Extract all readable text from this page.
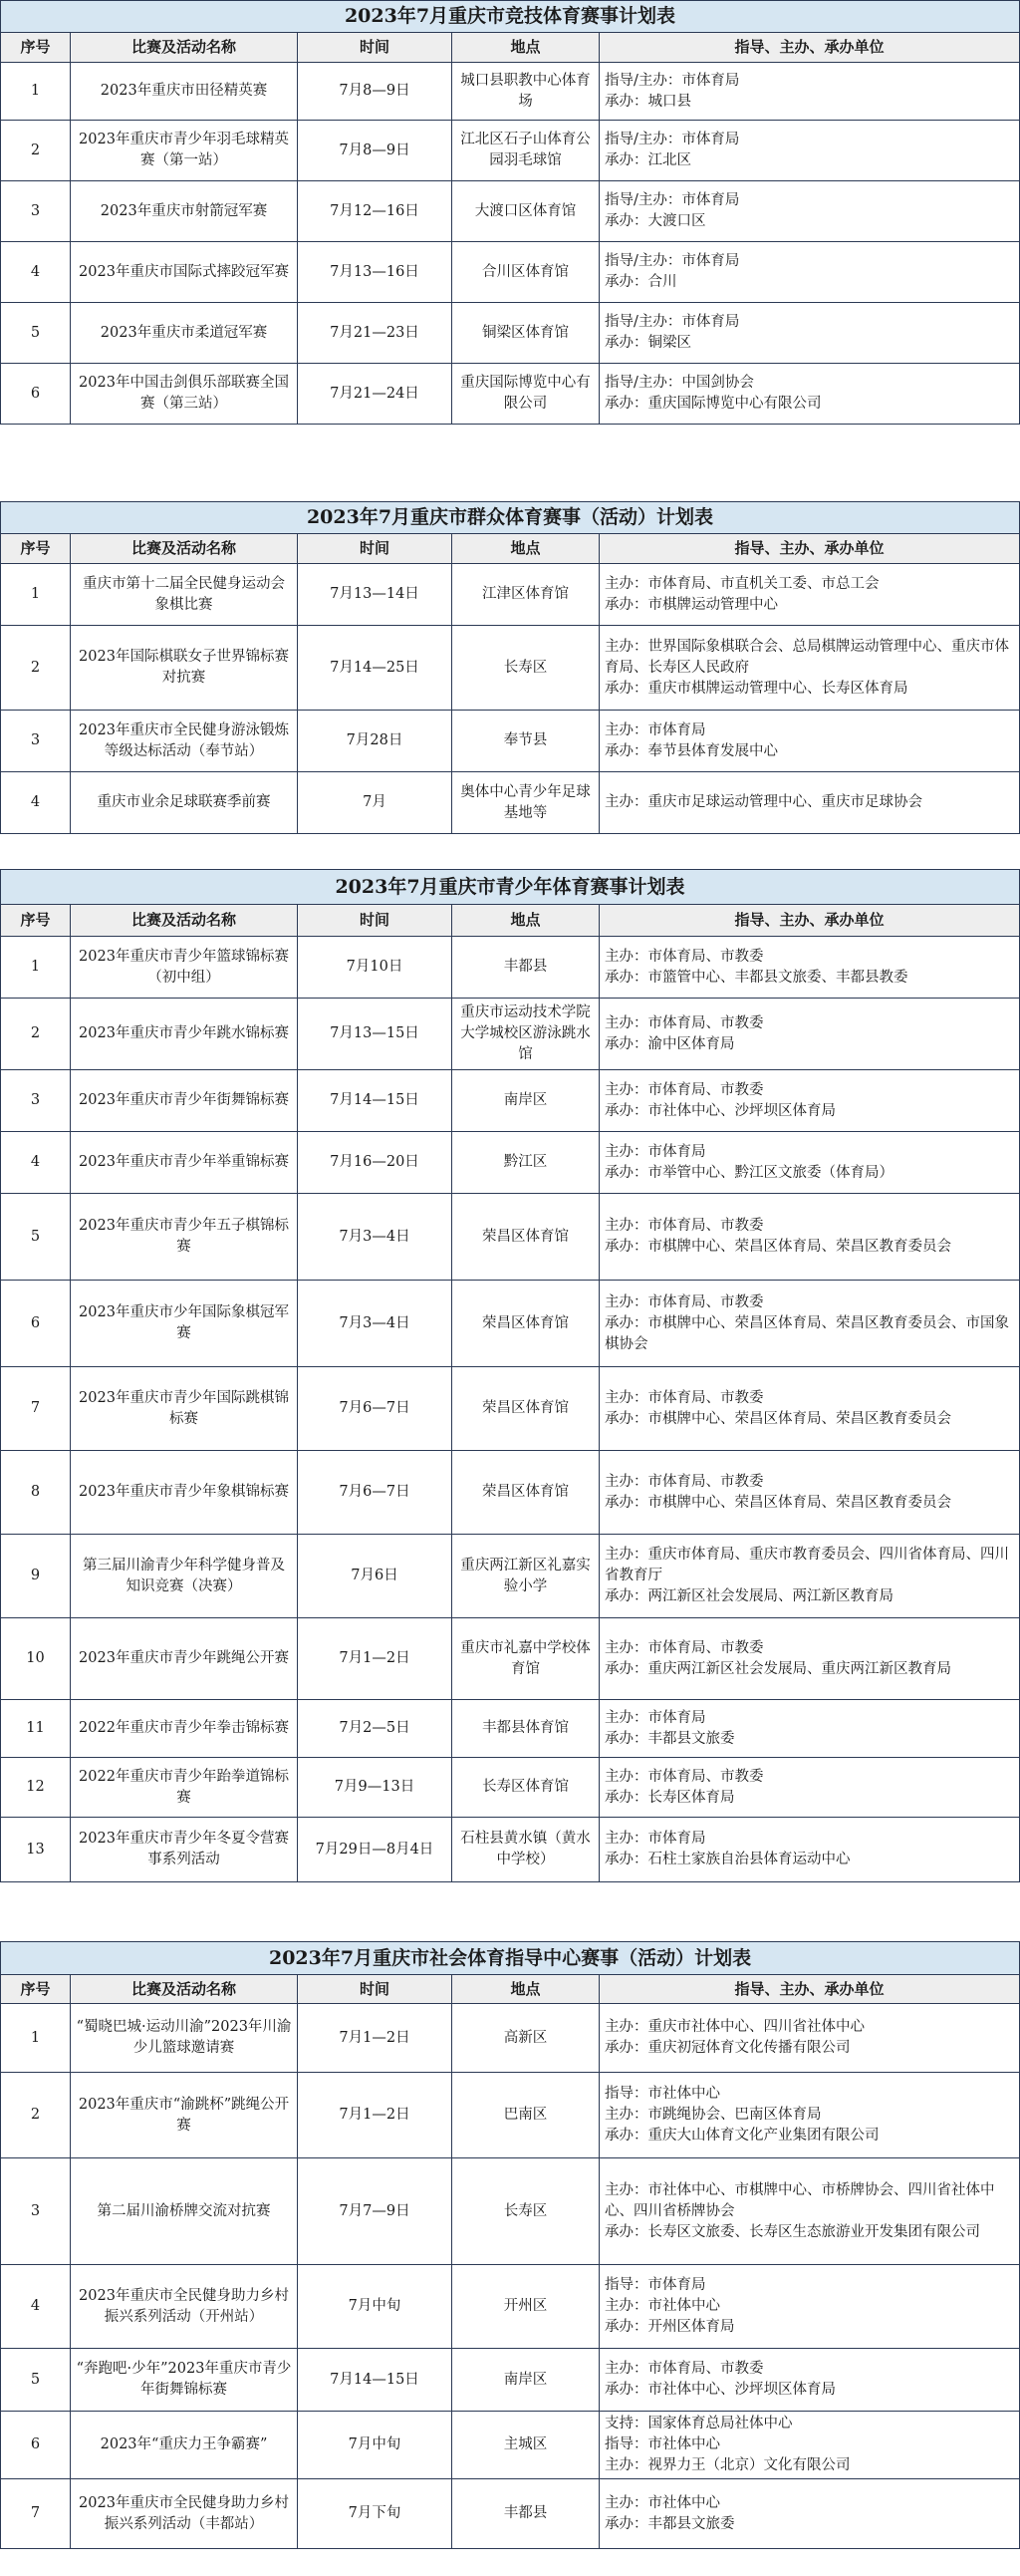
2023年7月重庆市竞技体育赛事计划表				
序号	比赛及活动名称	时间	地点	指导、主办、承办单位
1	2023年重庆市田径精英赛	7月8—9日	城口县职教中心体育场	指导/主办：市体育局
承办：城口县
2	2023年重庆市青少年羽毛球精英赛（第一站）	7月8—9日	江北区石子山体育公园羽毛球馆	指导/主办：市体育局
承办：江北区
3	2023年重庆市射箭冠军赛	7月12—16日	大渡口区体育馆	指导/主办：市体育局
承办：大渡口区
4	2023年重庆市国际式摔跤冠军赛	7月13—16日	合川区体育馆	指导/主办：市体育局
承办：合川
5	2023年重庆市柔道冠军赛	7月21—23日	铜梁区体育馆	指导/主办：市体育局
承办：铜梁区
6	2023年中国击剑俱乐部联赛全国赛（第三站）	7月21—24日	重庆国际博览中心有限公司	指导/主办：中国剑协会
承办：重庆国际博览中心有限公司
2023年7月重庆市群众体育赛事（活动）计划表				
序号	比赛及活动名称	时间	地点	指导、主办、承办单位
1	重庆市第十二届全民健身运动会象棋比赛	7月13—14日	江津区体育馆	主办：市体育局、市直机关工委、市总工会
承办：市棋牌运动管理中心
2	2023年国际棋联女子世界锦标赛对抗赛	7月14—25日	长寿区	主办：世界国际象棋联合会、总局棋牌运动管理中心、重庆市体育局、长寿区人民政府
承办：重庆市棋牌运动管理中心、长寿区体育局
3	2023年重庆市全民健身游泳锻炼等级达标活动（奉节站）	7月28日	奉节县	主办：市体育局
承办：奉节县体育发展中心
4	重庆市业余足球联赛季前赛	7月	奥体中心青少年足球基地等	主办：重庆市足球运动管理中心、重庆市足球协会
2023年7月重庆市青少年体育赛事计划表				
序号	比赛及活动名称	时间	地点	指导、主办、承办单位
1	2023年重庆市青少年篮球锦标赛（初中组）	7月10日	丰都县	主办：市体育局、市教委
承办：市篮管中心、丰都县文旅委、丰都县教委
2	2023年重庆市青少年跳水锦标赛	7月13—15日	重庆市运动技术学院大学城校区游泳跳水馆	主办：市体育局、市教委
承办：渝中区体育局
3	2023年重庆市青少年街舞锦标赛	7月14—15日	南岸区	主办：市体育局、市教委
承办：市社体中心、沙坪坝区体育局
4	2023年重庆市青少年举重锦标赛	7月16—20日	黔江区	主办：市体育局
承办：市举管中心、黔江区文旅委（体育局）
5	2023年重庆市青少年五子棋锦标赛	7月3—4日	荣昌区体育馆	主办：市体育局、市教委
承办：市棋牌中心、荣昌区体育局、荣昌区教育委员会
6	2023年重庆市少年国际象棋冠军赛	7月3—4日	荣昌区体育馆	主办：市体育局、市教委
承办：市棋牌中心、荣昌区体育局、荣昌区教育委员会、市国象棋协会
7	2023年重庆市青少年国际跳棋锦标赛	7月6—7日	荣昌区体育馆	主办：市体育局、市教委
承办：市棋牌中心、荣昌区体育局、荣昌区教育委员会
8	2023年重庆市青少年象棋锦标赛	7月6—7日	荣昌区体育馆	主办：市体育局、市教委
承办：市棋牌中心、荣昌区体育局、荣昌区教育委员会
9	第三届川渝青少年科学健身普及知识竞赛（决赛）	7月6日	重庆两江新区礼嘉实验小学	主办：重庆市体育局、重庆市教育委员会、四川省体育局、四川省教育厅
承办：两江新区社会发展局、两江新区教育局
10	2023年重庆市青少年跳绳公开赛	7月1—2日	重庆市礼嘉中学校体育馆	主办：市体育局、市教委
承办：重庆两江新区社会发展局、重庆两江新区教育局
11	2022年重庆市青少年拳击锦标赛	7月2—5日	丰都县体育馆	主办：市体育局
承办：丰都县文旅委
12	2022年重庆市青少年跆拳道锦标赛	7月9—13日	长寿区体育馆	主办：市体育局、市教委
承办：长寿区体育局
13	2023年重庆市青少年冬夏令营赛事系列活动	7月29日—8月4日	石柱县黄水镇（黄水中学校）	主办：市体育局
承办：石柱土家族自治县体育运动中心
2023年7月重庆市社会体育指导中心赛事（活动）计划表				
序号	比赛及活动名称	时间	地点	指导、主办、承办单位
1	“蜀晓巴城·运动川渝”2023年川渝少儿篮球邀请赛	7月1—2日	高新区	主办：重庆市社体中心、四川省社体中心
承办：重庆初冠体育文化传播有限公司
2	2023年重庆市“渝跳杯”跳绳公开赛	7月1—2日	巴南区	指导：市社体中心
主办：市跳绳协会、巴南区体育局
承办：重庆大山体育文化产业集团有限公司
3	第二届川渝桥牌交流对抗赛	7月7—9日	长寿区	主办：市社体中心、市棋牌中心、市桥牌协会、四川省社体中心、四川省桥牌协会
承办：长寿区文旅委、长寿区生态旅游业开发集团有限公司
4	2023年重庆市全民健身助力乡村振兴系列活动（开州站）	7月中旬	开州区	指导：市体育局
主办：市社体中心
承办：开州区体育局
5	“奔跑吧·少年”2023年重庆市青少年街舞锦标赛	7月14—15日	南岸区	主办：市体育局、市教委
承办：市社体中心、沙坪坝区体育局
6	2023年“重庆力王争霸赛”	7月中旬	主城区	支持：国家体育总局社体中心
指导：市社体中心
主办：视界力王（北京）文化有限公司
7	2023年重庆市全民健身助力乡村振兴系列活动（丰都站）	7月下旬	丰都县	主办：市社体中心
承办：丰都县文旅委
